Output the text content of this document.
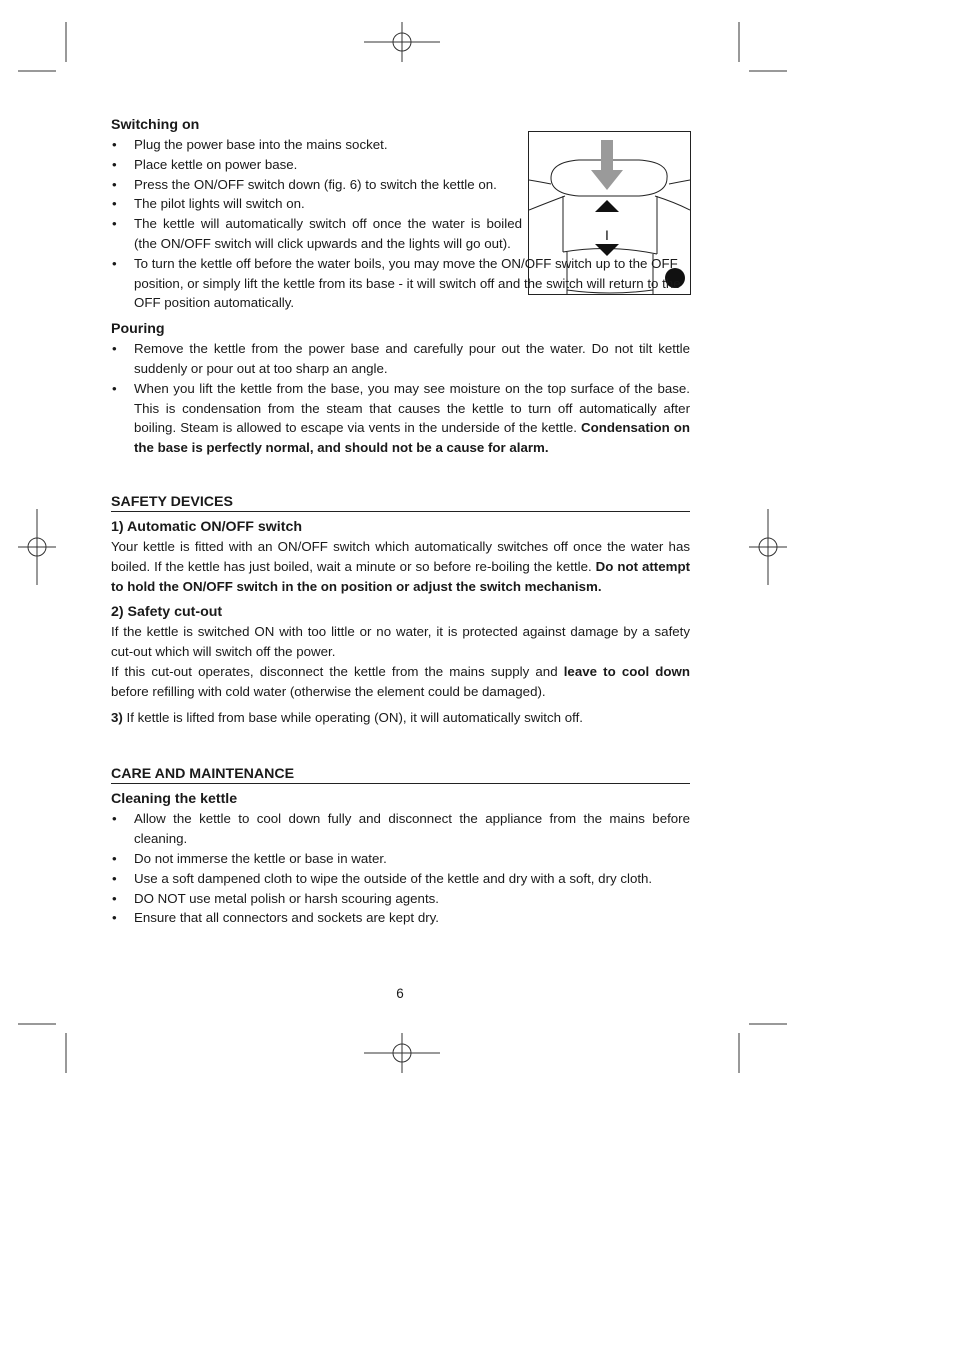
I
Switching on
• Plug the power base into the mains socket.
• Place kettle on power base.
• Press the ON/OFF switch down (fig. 6) to switch the kettle on.
• The pilot lights will switch on.
• The kettle will automatically switch off once the water is boiled (the ON/OFF switch will click upwards and the lights will go out).
• To turn the kettle off before the water boils, you may move the ON/OFF switch up to the OFF position, or simply lift the kettle from its base - it will switch off and the switch will return to the OFF position automatically.
Pouring
• Remove the kettle from the power base and carefully pour out the water. Do not tilt kettle suddenly or pour out at too sharp an angle.
• When you lift the kettle from the base, you may see moisture on the top surface of the base. This is condensation from the steam that causes the kettle to turn off automatically after boiling. Steam is allowed to escape via vents in the underside of the kettle. Condensation on the base is perfectly normal, and should not be a cause for alarm.
SAFETY DEVICES
1) Automatic ON/OFF switch

Your kettle is fitted with an ON/OFF switch which automatically switches off once the water has boiled. If the kettle has just boiled, wait a minute or so before re-boiling the kettle. Do not attempt to hold the ON/OFF switch in the on position or adjust the switch mechanism.

2) Safety cut-out

If the kettle is switched ON with too little or no water, it is protected against damage by a safety cut-out which will switch off the power.

If this cut-out operates, disconnect the kettle from the mains supply and leave to cool down before refilling with cold water (otherwise the element could be damaged).

3) If kettle is lifted from base while operating (ON), it will automatically switch off.

CARE AND MAINTENANCE
Cleaning the kettle
• Allow the kettle to cool down fully and disconnect the appliance from the mains before cleaning.
• Do not immerse the kettle or base in water.
• Use a soft dampened cloth to wipe the outside of the kettle and dry with a soft, dry cloth.
• DO NOT use metal polish or harsh scouring agents.
• Ensure that all connectors and sockets are kept dry.
6
